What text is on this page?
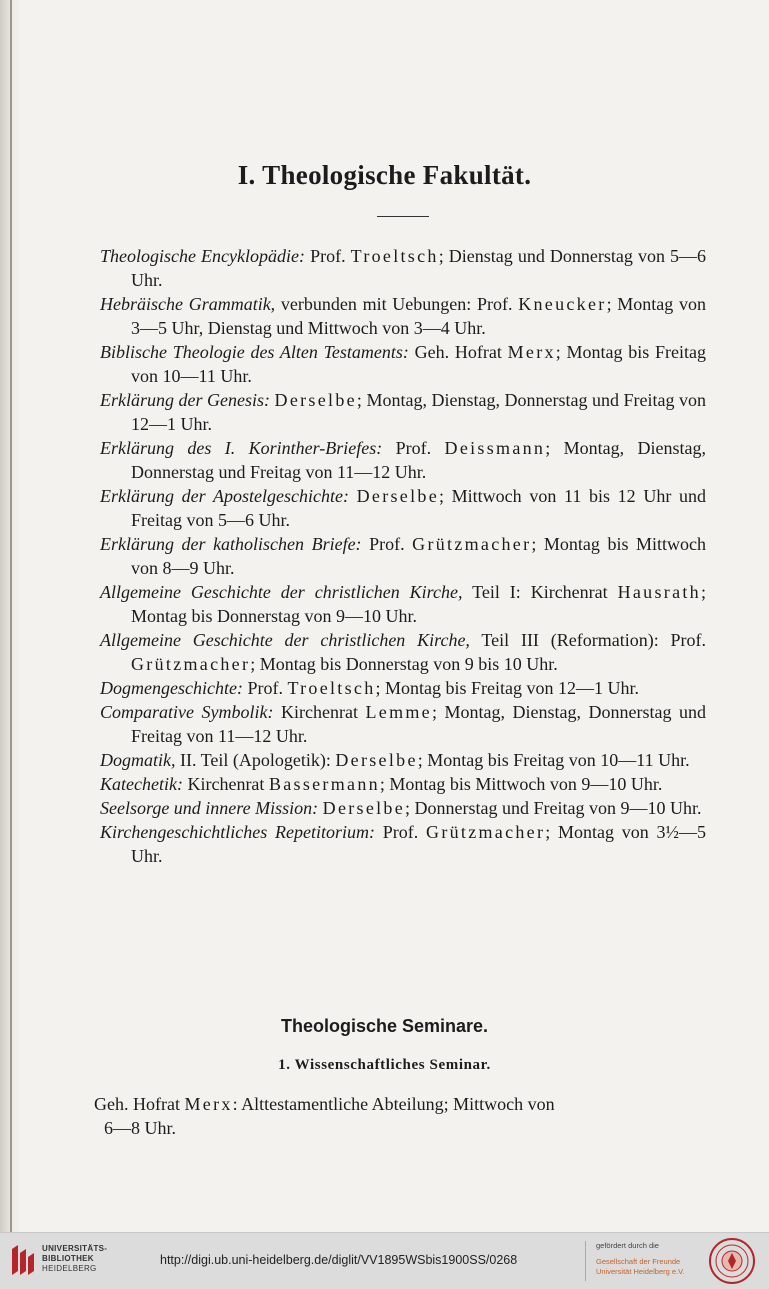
I. Theologische Fakultät.
Theologische Encyklopädie: Prof. Troeltsch; Dienstag und Donnerstag von 5—6 Uhr.
Hebräische Grammatik, verbunden mit Uebungen: Prof. Kneucker; Montag von 3—5 Uhr, Dienstag und Mittwoch von 3—4 Uhr.
Biblische Theologie des Alten Testaments: Geh. Hofrat Merx; Montag bis Freitag von 10—11 Uhr.
Erklärung der Genesis: Derselbe; Montag, Dienstag, Donnerstag und Freitag von 12—1 Uhr.
Erklärung des I. Korinther-Briefes: Prof. Deissmann; Montag, Dienstag, Donnerstag und Freitag von 11—12 Uhr.
Erklärung der Apostelgeschichte: Derselbe; Mittwoch von 11 bis 12 Uhr und Freitag von 5—6 Uhr.
Erklärung der katholischen Briefe: Prof. Grützmacher; Montag bis Mittwoch von 8—9 Uhr.
Allgemeine Geschichte der christlichen Kirche, Teil I: Kirchenrat Hausrath; Montag bis Donnerstag von 9—10 Uhr.
Allgemeine Geschichte der christlichen Kirche, Teil III (Reformation): Prof. Grützmacher; Montag bis Donnerstag von 9 bis 10 Uhr.
Dogmengeschichte: Prof. Troeltsch; Montag bis Freitag von 12—1 Uhr.
Comparative Symbolik: Kirchenrat Lemme; Montag, Dienstag, Donnerstag und Freitag von 11—12 Uhr.
Dogmatik, II. Teil (Apologetik): Derselbe; Montag bis Freitag von 10—11 Uhr.
Katechetik: Kirchenrat Bassermann; Montag bis Mittwoch von 9—10 Uhr.
Seelsorge und innere Mission: Derselbe; Donnerstag und Freitag von 9—10 Uhr.
Kirchengeschichtliches Repetitorium: Prof. Grützmacher; Montag von 3½—5 Uhr.
Theologische Seminare.
1. Wissenschaftliches Seminar.
Geh. Hofrat Merx: Alttestamentliche Abteilung; Mittwoch von
6—8 Uhr.
UNIVERSITÄTS-
BIBLIOTHEK
HEIDELBERG
http://digi.ub.uni-heidelberg.de/diglit/VV1895WSbis1900SS/0268
gefördert durch die
Gesellschaft der Freunde
Universität Heidelberg e.V.
